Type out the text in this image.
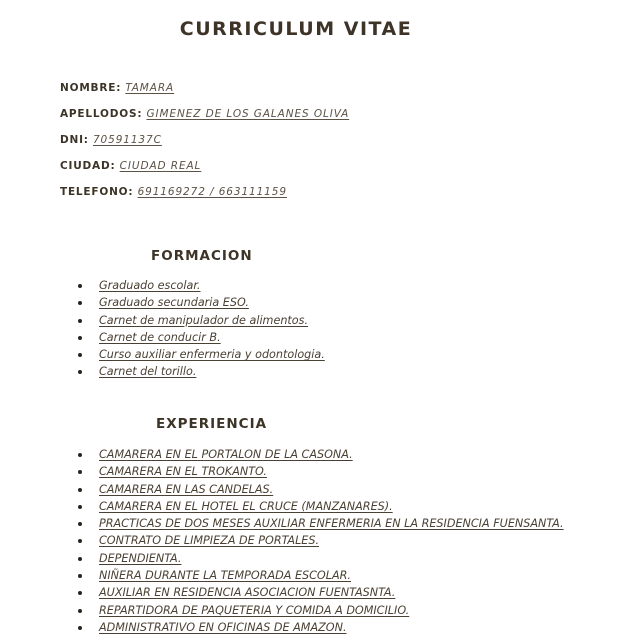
CURRICULUM VITAE
NOMBRE: TAMARA
APELLODOS: GIMENEZ DE LOS GALANES OLIVA
DNI: 70591137C
CIUDAD: CIUDAD REAL
TELEFONO: 691169272 / 663111159
FORMACION
Graduado escolar.
Graduado secundaria ESO.
Carnet de manipulador de alimentos.
Carnet de conducir B.
Curso auxiliar enfermeria y odontologia.
Carnet del torillo.
EXPERIENCIA
CAMARERA EN EL PORTALON DE LA CASONA.
CAMARERA EN EL TROKANTO.
CAMARERA EN LAS CANDELAS.
CAMARERA EN EL HOTEL EL CRUCE (MANZANARES).
PRACTICAS DE DOS MESES AUXILIAR ENFERMERIA EN LA RESIDENCIA FUENSANTA.
CONTRATO DE LIMPIEZA DE PORTALES.
DEPENDIENTA.
NIÑERA DURANTE LA TEMPORADA ESCOLAR.
AUXILIAR EN RESIDENCIA ASOCIACION FUENTASNTA.
REPARTIDORA DE PAQUETERIA Y COMIDA A DOMICILIO.
ADMINISTRATIVO EN OFICINAS DE AMAZON.
